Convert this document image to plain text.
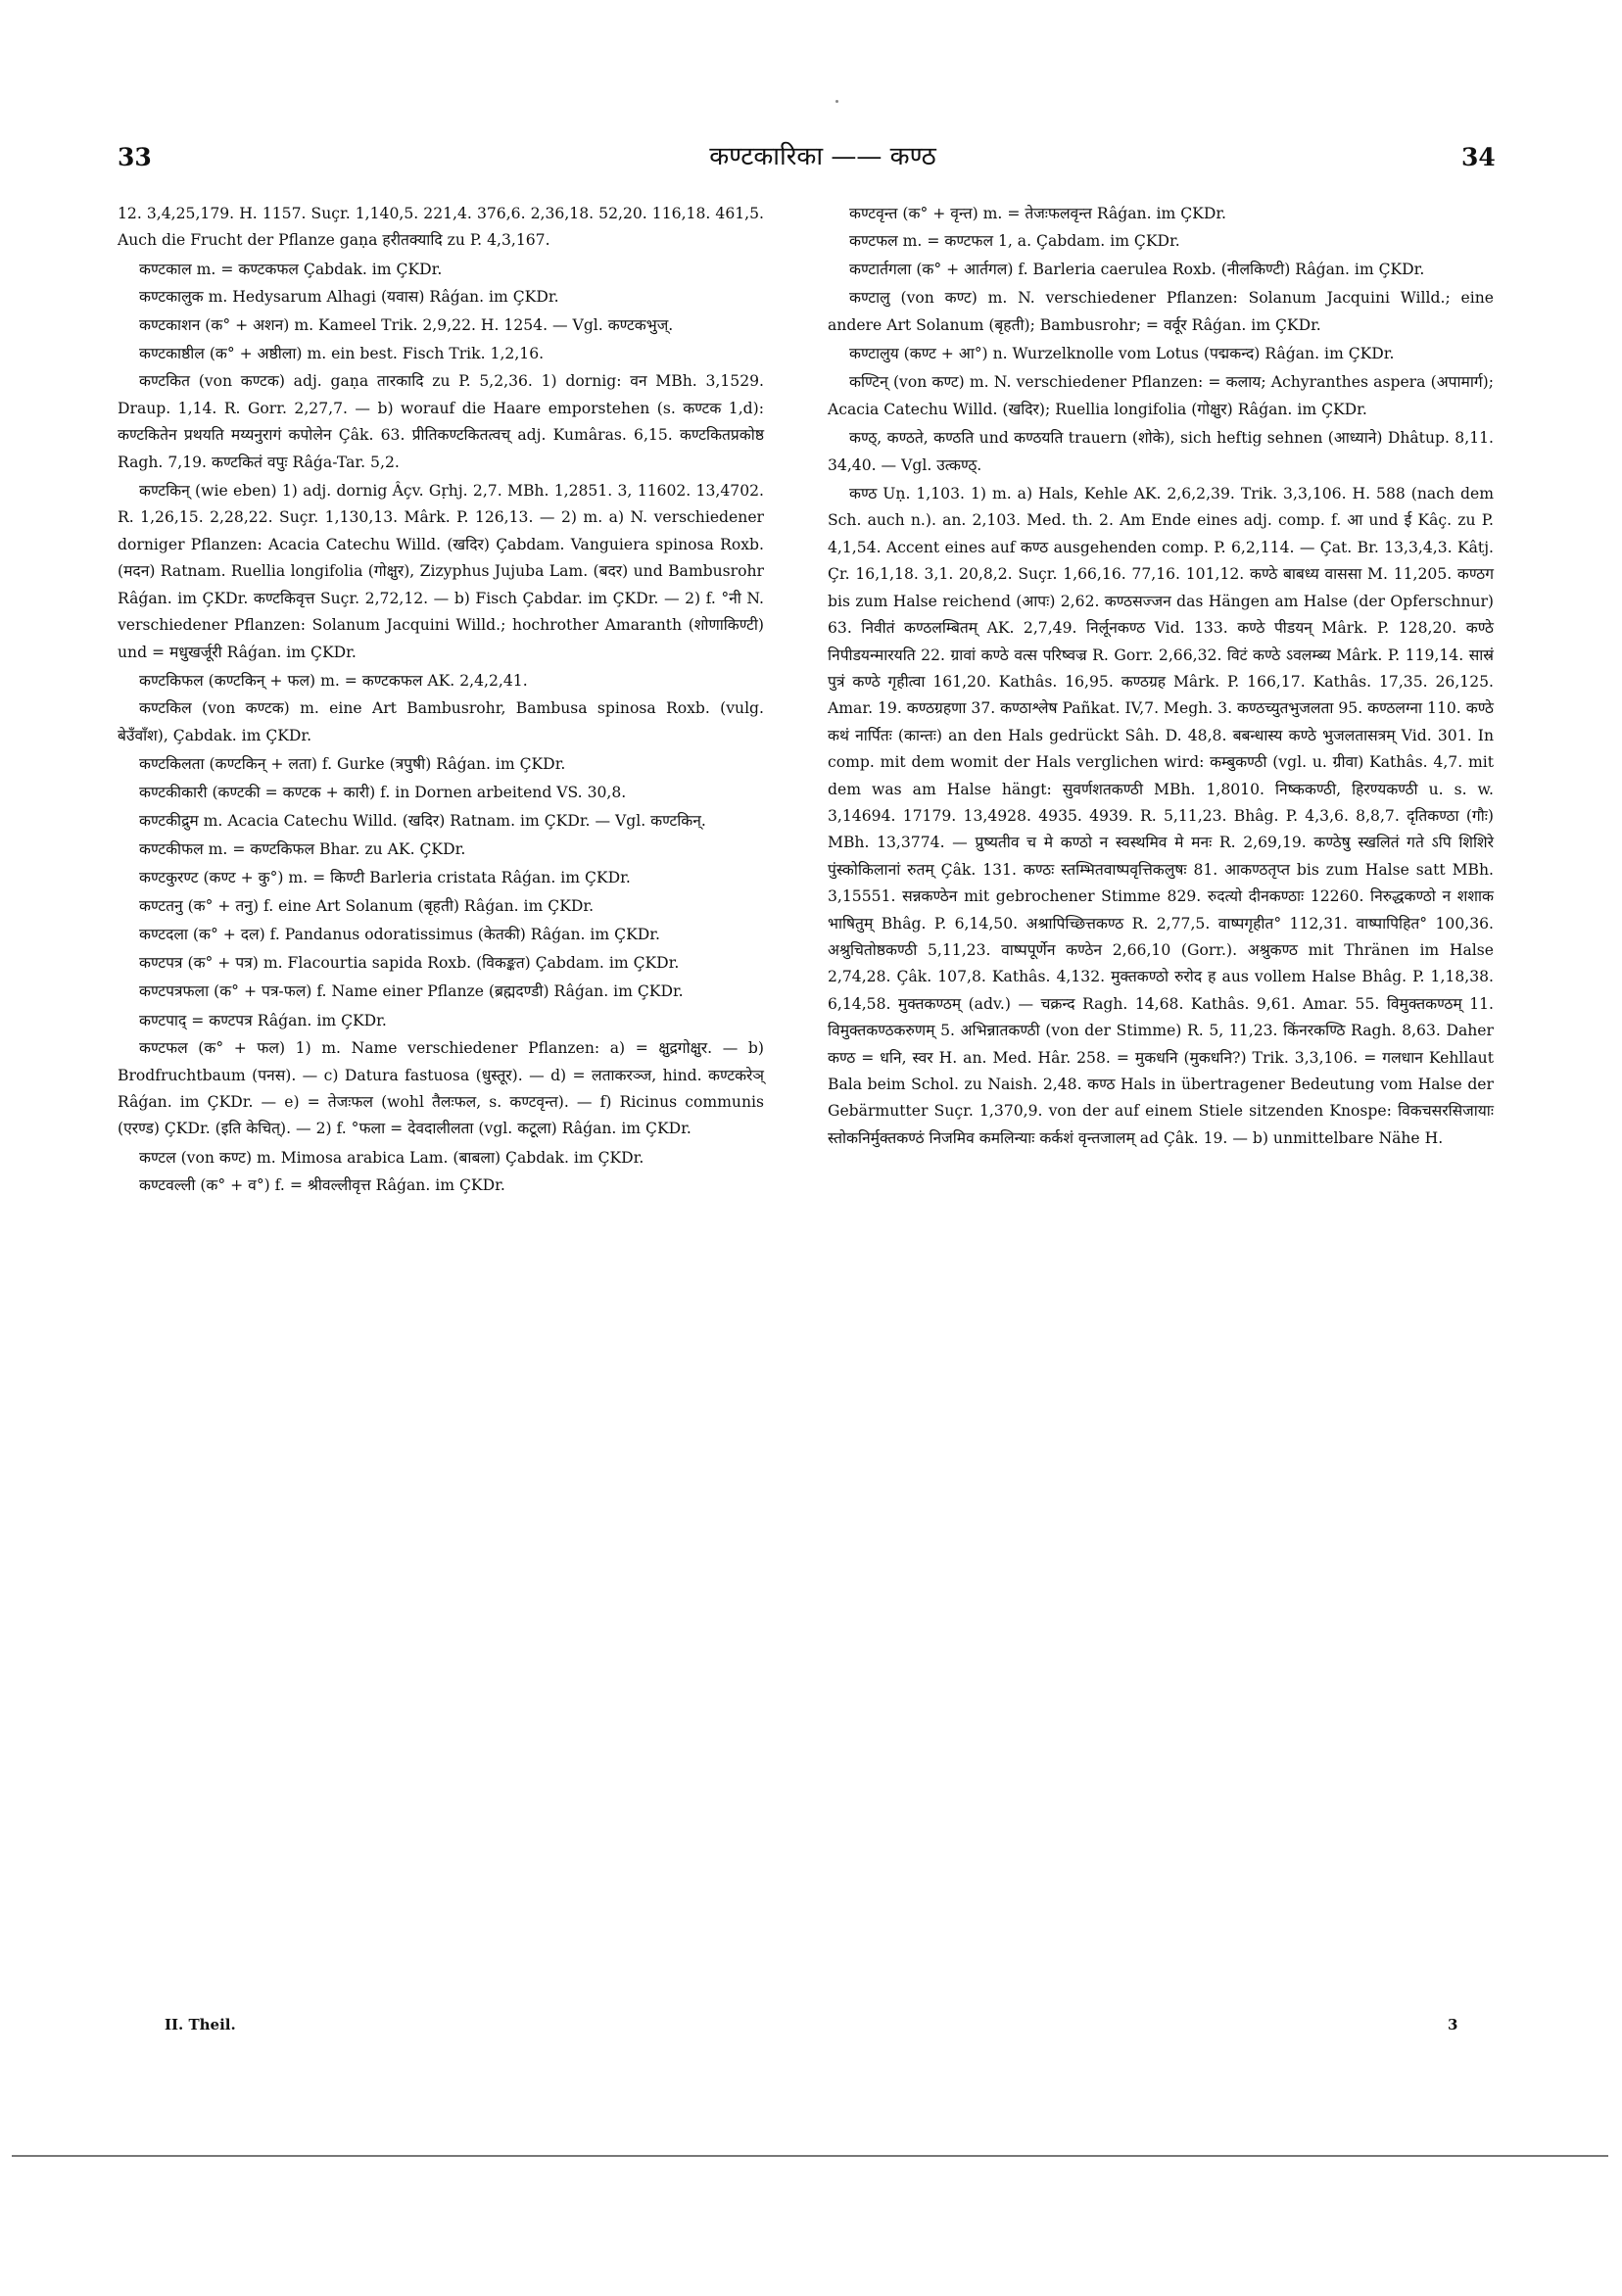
33	कण्टकारिका —— कण्ठ	34

12. 3,4,25,179. H. 1157. Suçr. 1,140,5. 221,4. 376,6. 2,36,18. 52,20. 116,18. 461,5. Auch die Frucht der Pflanze gaṇa हरीतक्यादि zu P. 4,3,167.

कण्टकाल m. = कण्टकफल Çabdak. im ÇKDr.

कण्टकालुक m. Hedysarum Alhagi (यवास) Râǵan. im ÇKDr.

कण्टकाशन (क° + अशन) m. Kameel Trik. 2,9,22. H. 1254. — Vgl. कण्टकभुज्.

कण्टकाष्ठील (क° + अष्ठीला) m. ein best. Fisch Trik. 1,2,16.

कण्टकित (von कण्टक) adj. gaṇa तारकादि zu P. 5,2,36. 1) dornig: वन MBh. 3,1529. Draup. 1,14. R. Gorr. 2,27,7. — b) worauf die Haare emporstehen (s. कण्टक 1,d): कण्टकितेन प्रथयति मय्यनुरागं कपोलेन Çâk. 63. प्रीतिकण्टकितत्वच् adj. Kumâras. 6,15. कण्टकितप्रकोष्ठ Ragh. 7,19. कण्टकितं वपुः Râǵa-Tar. 5,2.

कण्टकिन् (wie eben) 1) adj. dornig Âçv. Gṛhj. 2,7. MBh. 1,2851. 3, 11602. 13,4702. R. 1,26,15. 2,28,22. Suçr. 1,130,13. Mârk. P. 126,13. — 2) m. a) N. verschiedener dorniger Pflanzen: Acacia Catechu Willd. (खदिर) Çabdam. Vanguiera spinosa Roxb. (मदन) Ratnam. Ruellia longifolia (गोक्षुर), Zizyphus Jujuba Lam. (बदर) und Bambusrohr Râǵan. im ÇKDr. कण्टकिवृत्त Suçr. 2,72,12. — b) Fisch Çabdar. im ÇKDr. — 2) f. °नी N. verschiedener Pflanzen: Solanum Jacquini Willd.; hochrother Amaranth (शोणाकिण्टी) und = मधुखर्जूरी Râǵan. im ÇKDr.

कण्टकिफल (कण्टकिन् + फल) m. = कण्टकफल AK. 2,4,2,41.

कण्टकिल (von कण्टक) m. eine Art Bambusrohr, Bambusa spinosa Roxb. (vulg. बेउँवाँश), Çabdak. im ÇKDr.

कण्टकिलता (कण्टकिन् + लता) f. Gurke (त्रपुषी) Râǵan. im ÇKDr.

कण्टकीकारी (कण्टकी = कण्टक + कारी) f. in Dornen arbeitend VS. 30,8.

कण्टकीद्रुम m. Acacia Catechu Willd. (खदिर) Ratnam. im ÇKDr. — Vgl. कण्टकिन्.

कण्टकीफल m. = कण्टकिफल Bhar. zu AK. ÇKDr.

कण्टकुरण्ट (कण्ट + कु°) m. = किण्टी Barleria cristata Râǵan. im ÇKDr.

कण्टतनु (क° + तनु) f. eine Art Solanum (बृहती) Râǵan. im ÇKDr.

कण्टदला (क° + दल) f. Pandanus odoratissimus (केतकी) Râǵan. im ÇKDr.

कण्टपत्र (क° + पत्र) m. Flacourtia sapida Roxb. (विकङ्कत) Çabdam. im ÇKDr.

कण्टपत्रफला (क° + पत्र-फल) f. Name einer Pflanze (ब्रह्मदण्डी) Râǵan. im ÇKDr.

कण्टपाद् = कण्टपत्र Râǵan. im ÇKDr.

कण्टफल (क° + फल) 1) m. Name verschiedener Pflanzen: a) = क्षुद्रगोक्षुर. — b) Brodfruchtbaum (पनस). — c) Datura fastuosa (धुस्तूर). — d) = लताकरञ्ज, hind. कण्टकरेञ् Râǵan. im ÇKDr. — e) = तेजःफल (wohl तैलःफल, s. कण्टवृन्त). — f) Ricinus communis (एरण्ड) ÇKDr. (इति केचित्). — 2) f. °फला = देवदालीलता (vgl. कटूला) Râǵan. im ÇKDr.

कण्टल (von कण्ट) m. Mimosa arabica Lam. (बाबला) Çabdak. im ÇKDr.

कण्टवल्ली (क° + व°) f. = श्रीवल्लीवृत्त Râǵan. im ÇKDr.

कण्टवृन्त (क° + वृन्त) m. = तेजःफलवृन्त Râǵan. im ÇKDr.

कण्टफल m. = कण्टफल 1, a. Çabdam. im ÇKDr.

कण्टार्तगला (क° + आर्तगल) f. Barleria caerulea Roxb. (नीलकिण्टी) Râǵan. im ÇKDr.

कण्टालु (von कण्ट) m. N. verschiedener Pflanzen: Solanum Jacquini Willd.; eine andere Art Solanum (बृहती); Bambusrohr; = वर्वूर Râǵan. im ÇKDr.

कण्टालुय (कण्ट + आ°) n. Wurzelknolle vom Lotus (पद्मकन्द) Râǵan. im ÇKDr.

कण्टिन् (von कण्ट) m. N. verschiedener Pflanzen: = कलाय; Achyranthes aspera (अपामार्ग); Acacia Catechu Willd. (खदिर); Ruellia longifolia (गोक्षुर) Râǵan. im ÇKDr.

कण्ठ्, कण्ठते, कण्ठति und कण्ठयति trauern (शोके), sich heftig sehnen (आध्याने) Dhâtup. 8,11. 34,40. — Vgl. उत्कण्ठ्.

कण्ठ Uṇ. 1,103. 1) m. a) Hals, Kehle AK. 2,6,2,39. Trik. 3,3,106. H. 588 (nach dem Sch. auch n.). an. 2,103. Med. th. 2. Am Ende eines adj. comp. f. आ und ई Kâç. zu P. 4,1,54. Accent eines auf कण्ठ ausgehenden comp. P. 6,2,114. — Çat. Br. 13,3,4,3. Kâtj. Çr. 16,1,18. 3,1. 20,8,2. Suçr. 1,66,16. 77,16. 101,12. कण्ठे बाबध्य वाससा M. 11,205. कण्ठग bis zum Halse reichend (आपः) 2,62. कण्ठसज्जन das Hängen am Halse (der Opferschnur) 63. निवीतं कण्ठलम्बितम् AK. 2,7,49. निर्लूनकण्ठ Vid. 133. कण्ठे पीडयन् Mârk. P. 128,20. कण्ठे निपीडयन्मारयति 22. ग्रावां कण्ठे वत्स परिष्वज्र R. Gorr. 2,66,32. विटं कण्ठे ऽवलम्ब्य Mârk. P. 119,14. सास्रं पुत्रं कण्ठे गृहीत्वा 161,20. Kathâs. 16,95. कण्ठग्रह Mârk. P. 166,17. Kathâs. 17,35. 26,125. Amar. 19. कण्ठग्रहणा 37. कण्ठाश्लेष Pañkat. IV,7. Megh. 3. कण्ठच्युतभुजलता 95. कण्ठलग्ना 110. कण्ठे कथं नार्पितः (कान्तः) an den Hals gedrückt Sâh. D. 48,8. बबन्धास्य कण्ठे भुजलतासत्रम् Vid. 301. In comp. mit dem womit der Hals verglichen wird: कम्बुकण्ठी (vgl. u. ग्रीवा) Kathâs. 4,7. mit dem was am Halse hängt: सुवर्णशतकण्ठी MBh. 1,8010. निष्ककण्ठी, हिरण्यकण्ठी u. s. w. 3,14694. 17179. 13,4928. 4935. 4939. R. 5,11,23. Bhâg. P. 4,3,6. 8,8,7. दृतिकण्ठा (गौः) MBh. 13,3774. — प्रुष्यतीव च मे कण्ठो न स्वस्थमिव मे मनः R. 2,69,19. कण्ठेषु स्खलितं गते ऽपि शिशिरे पुंस्कोकिलानां रुतम् Çâk. 131. कण्ठः स्तम्भितवाष्पवृत्तिकलुषः 81. आकण्ठतृप्त bis zum Halse satt MBh. 3,15551. सन्नकण्ठेन mit gebrochener Stimme 829. रुदत्यो दीनकण्ठाः 12260. निरुद्धकण्ठो न शशाक भाषितुम् Bhâg. P. 6,14,50. अश्रापिच्छित्तकण्ठ R. 2,77,5. वाष्पगृहीत° 112,31. वाष्पापिहित° 100,36. अश्रुचितोष्ठकण्ठी 5,11,23. वाष्पपूर्णेन कण्ठेन 2,66,10 (Gorr.). अश्रुकण्ठ mit Thränen im Halse 2,74,28. Çâk. 107,8. Kathâs. 4,132. मुक्तकण्ठो रुरोद ह aus vollem Halse Bhâg. P. 1,18,38. 6,14,58. मुक्तकण्ठम् (adv.) — चक्रन्द Ragh. 14,68. Kathâs. 9,61. Amar. 55. विमुक्तकण्ठम् 11. विमुक्तकण्ठकरुणम् 5. अभिन्नातकण्ठी (von der Stimme) R. 5, 11,23. किंनरकण्ठि Ragh. 8,63. Daher कण्ठ = धनि, स्वर H. an. Med. Hâr. 258. = मुकधनि (मुकधनि?) Trik. 3,3,106. = गलधान Kehllaut Bala beim Schol. zu Naish. 2,48. कण्ठ Hals in übertragener Bedeutung vom Halse der Gebärmutter Suçr. 1,370,9. von der auf einem Stiele sitzenden Knospe: विकचसरसिजायाः स्तोकनिर्मुक्तकण्ठं निजमिव कमलिन्याः कर्कशं वृन्तजालम् ad Çâk. 19. — b) unmittelbare Nähe H.

II. Theil.	3
